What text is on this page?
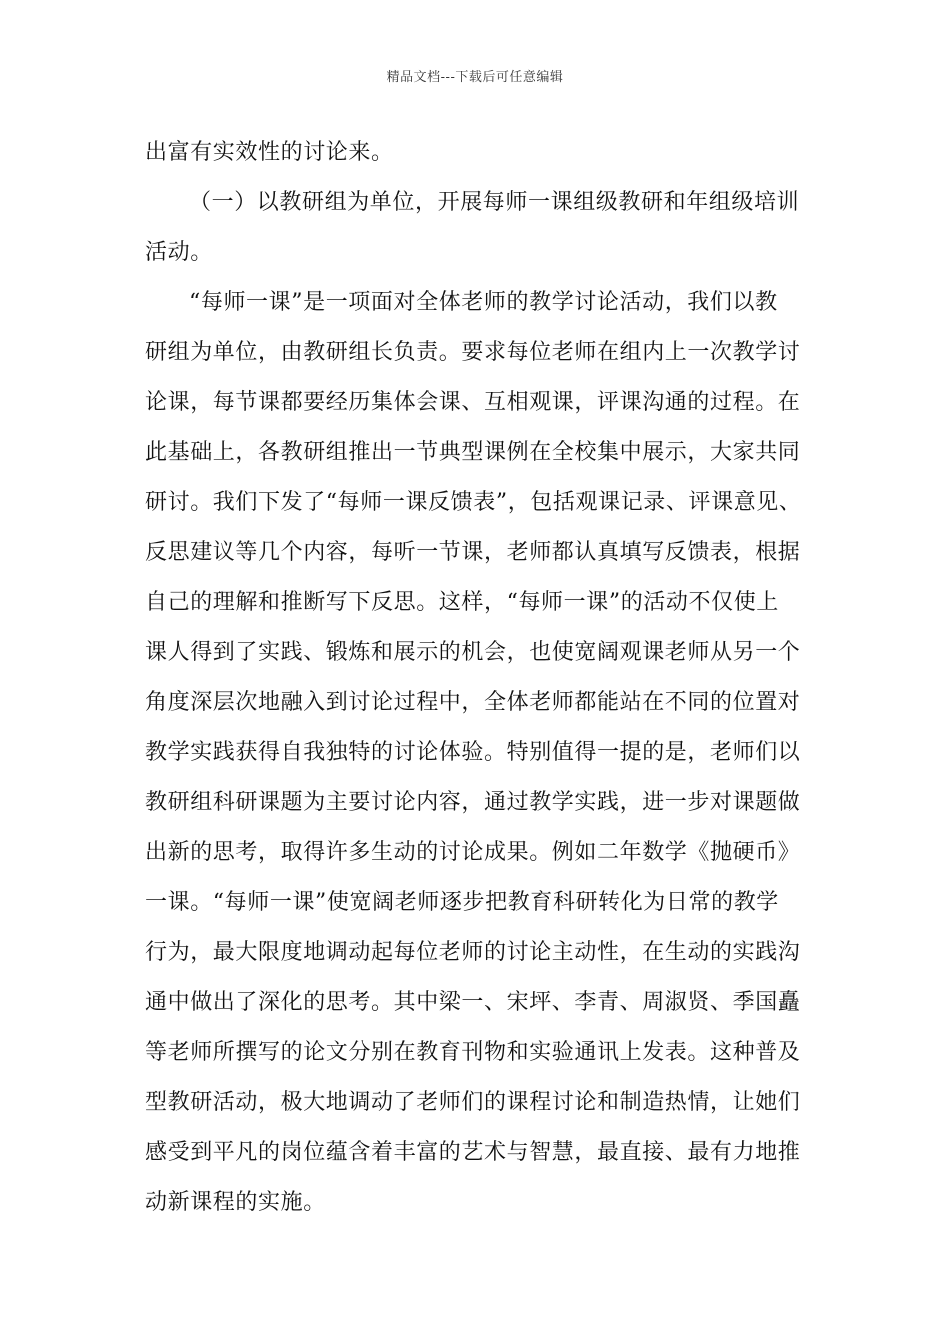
精品文档---下载后可任意编辑
出富有实效性的讨论来。
（一）以教研组为单位，开展每师一课组级教研和年组级培训
活动。
“每师一课”是一项面对全体老师的教学讨论活动，我们以教
研组为单位，由教研组长负责。要求每位老师在组内上一次教学讨
论课，每节课都要经历集体会课、互相观课，评课沟通的过程。在
此基础上，各教研组推出一节典型课例在全校集中展示，大家共同
研讨。我们下发了“每师一课反馈表”，包括观课记录、评课意见、
反思建议等几个内容，每听一节课，老师都认真填写反馈表，根据
自己的理解和推断写下反思。这样，“每师一课”的活动不仅使上
课人得到了实践、锻炼和展示的机会，也使宽阔观课老师从另一个
角度深层次地融入到讨论过程中，全体老师都能站在不同的位置对
教学实践获得自我独特的讨论体验。特别值得一提的是，老师们以
教研组科研课题为主要讨论内容，通过教学实践，进一步对课题做
出新的思考，取得许多生动的讨论成果。例如二年数学《抛硬币》
一课。“每师一课”使宽阔老师逐步把教育科研转化为日常的教学
行为，最大限度地调动起每位老师的讨论主动性，在生动的实践沟
通中做出了深化的思考。其中梁一、宋坪、李青、周淑贤、季国矗
等老师所撰写的论文分别在教育刊物和实验通讯上发表。这种普及
型教研活动，极大地调动了老师们的课程讨论和制造热情，让她们
感受到平凡的岗位蕴含着丰富的艺术与智慧，最直接、最有力地推
动新课程的实施。
